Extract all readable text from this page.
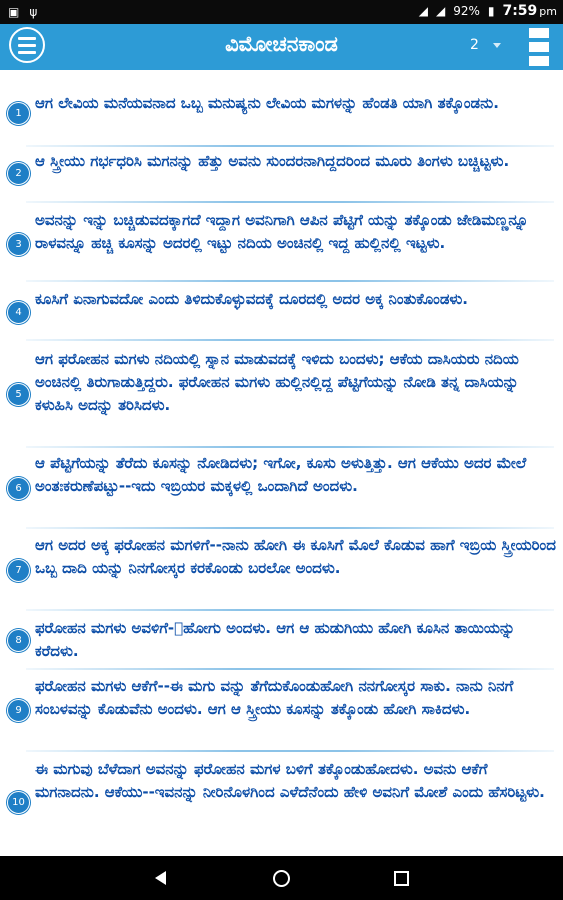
▣ ψ	◢ ◢ 92% ▮ 7:59 pm
ವಿಮೋಚನಕಾಂಡ	2
1
ಆಗ ಲೇವಿಯ ಮನೆಯವನಾದ ಒಬ್ಬ ಮನುಷ್ಯನು ಲೇವಿಯ ಮಗಳನ್ನು ಹೆಂಡತಿ ಯಾಗಿ ತಕ್ಕೊಂಡನು.
2
ಆ ಸ್ತ್ರೀಯು ಗರ್ಭಧರಿಸಿ ಮಗನನ್ನು ಹೆತ್ತು ಅವನು ಸುಂದರನಾಗಿದ್ದದರಿಂದ ಮೂರು ತಿಂಗಳು ಬಚ್ಚಿಟ್ಟಳು.
3
ಅವನನ್ನು ಇನ್ನು ಬಚ್ಚಿಡುವದಕ್ಕಾಗದೆ ಇದ್ದಾಗ ಅವನಿಗಾಗಿ ಆಪಿನ ಪೆಟ್ಟಿಗೆ ಯನ್ನು ತಕ್ಕೊಂಡು ಜೇಡಿಮಣ್ಣನ್ನೂ ರಾಳವನ್ನೂ ಹಚ್ಚಿ ಕೂಸನ್ನು ಅದರಲ್ಲಿ ಇಟ್ಟು ನದಿಯ ಅಂಚಿನಲ್ಲಿ ಇದ್ದ ಹುಲ್ಲಿನಲ್ಲಿ ಇಟ್ಟಳು.
4
ಕೂಸಿಗೆ ಏನಾಗುವದೋ ಎಂದು ತಿಳಿದುಕೊಳ್ಳುವದಕ್ಕೆ ದೂರದಲ್ಲಿ ಅದರ ಅಕ್ಕ ನಿಂತುಕೊಂಡಳು.
5
ಆಗ ಫರೋಹನ ಮಗಳು ನದಿಯಲ್ಲಿ ಸ್ನಾನ ಮಾಡುವದಕ್ಕೆ ಇಳಿದು ಬಂದಳು; ಆಕೆಯ ದಾಸಿಯರು ನದಿಯ ಅಂಚಿನಲ್ಲಿ ತಿರುಗಾಡುತ್ತಿದ್ದರು. ಫರೋಹನ ಮಗಳು ಹುಲ್ಲಿನಲ್ಲಿದ್ದ ಪೆಟ್ಟಿಗೆಯನ್ನು ನೋಡಿ ತನ್ನ ದಾಸಿಯನ್ನು ಕಳುಹಿಸಿ ಅದನ್ನು ತರಿಸಿದಳು.
6
ಆ ಪೆಟ್ಟಿಗೆಯನ್ನು ತೆರೆದು ಕೂಸನ್ನು ನೋಡಿದಳು; ಇಗೋ, ಕೂಸು ಅಳುತ್ತಿತ್ತು. ಆಗ ಆಕೆಯು ಅದರ ಮೇಲೆ ಅಂತಃಕರುಣೆಪಟ್ಟು--ಇದು ಇಬ್ರಿಯರ ಮಕ್ಕಳಲ್ಲಿ ಒಂದಾಗಿದೆ ಅಂದಳು.
7
ಆಗ ಅದರ ಅಕ್ಕ ಫರೋಹನ ಮಗಳಿಗೆ--ನಾನು ಹೋಗಿ ಈ ಕೂಸಿಗೆ ಮೊಲೆ ಕೊಡುವ ಹಾಗೆ ಇಬ್ರಿಯ ಸ್ತ್ರೀಯರಿಂದ ಒಬ್ಬ ದಾದಿ ಯನ್ನು ನಿನಗೋಸ್ಕರ ಕರಕೊಂಡು ಬರಲೋ ಅಂದಳು.
8
ಫರೋಹನ ಮಗಳು ಅವಳಿಗೆ-􏰀ಹೋಗು ಅಂದಳು. ಆಗ ಆ ಹುಡುಗಿಯು ಹೋಗಿ ಕೂಸಿನ ತಾಯಿಯನ್ನು ಕರೆದಳು.
9
ಫರೋಹನ ಮಗಳು ಆಕೆಗೆ--ಈ ಮಗು ವನ್ನು ತೆಗೆದುಕೊಂಡುಹೋಗಿ ನನಗೋಸ್ಕರ ಸಾಕು. ನಾನು ನಿನಗೆ ಸಂಬಳವನ್ನು ಕೊಡುವೆನು ಅಂದಳು. ಆಗ ಆ ಸ್ತ್ರೀಯು ಕೂಸನ್ನು ತಕ್ಕೊಂಡು ಹೋಗಿ ಸಾಕಿದಳು.
10
ಈ ಮಗುವು ಬೆಳೆದಾಗ ಅವನನ್ನು ಫರೋಹನ ಮಗಳ ಬಳಿಗೆ ತಕ್ಕೊಂಡುಹೋದಳು. ಅವನು ಆಕೆಗೆ ಮಗನಾದನು. ಆಕೆಯು--ಇವನನ್ನು ನೀರಿನೊಳಗಿಂದ ಎಳೆದೆನೆಂದು ಹೇಳಿ ಅವನಿಗೆ ಮೋಶೆ ಎಂದು ಹೆಸರಿಟ್ಟಳು.
